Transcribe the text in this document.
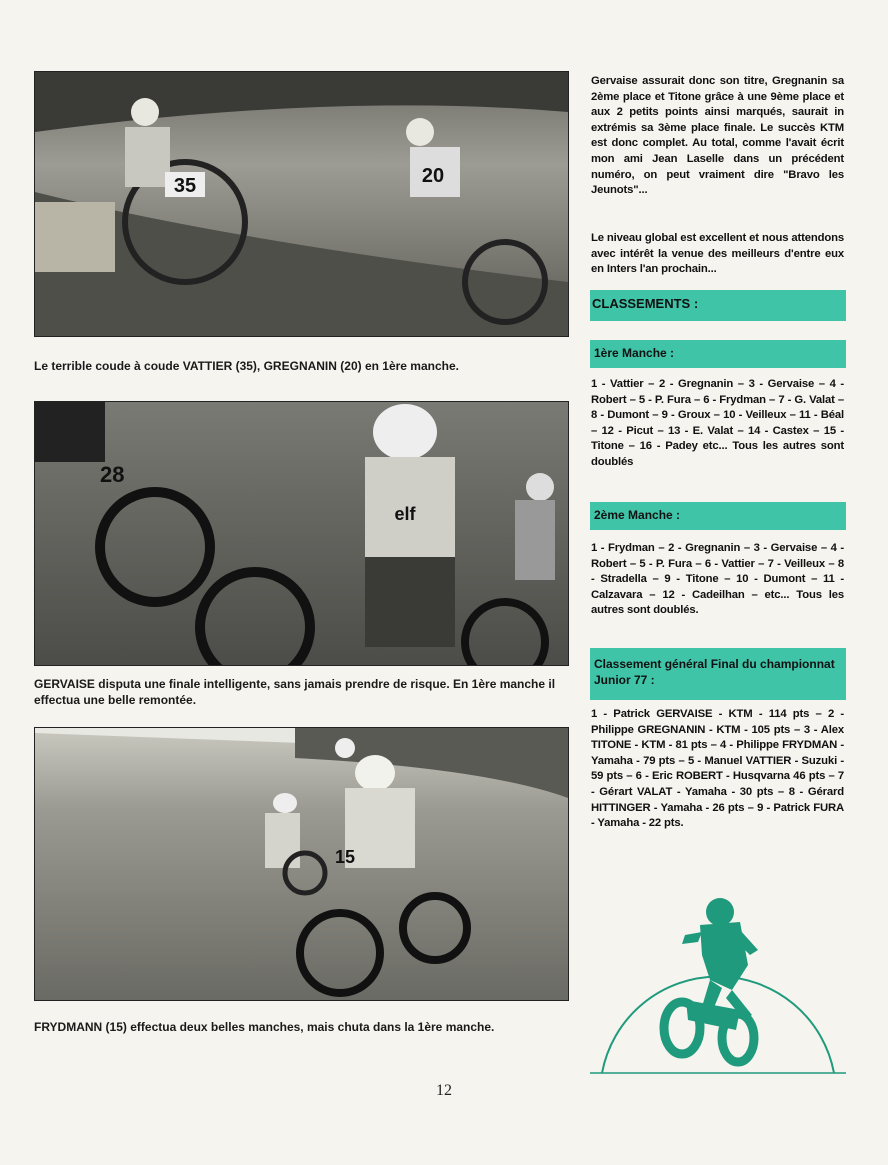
35	20
Le terrible coude à coude VATTIER (35), GREGNANIN (20) en 1ère manche.
28
elf
GERVAISE disputa une finale intelligente, sans jamais prendre de risque. En 1ère manche il effectua une belle remontée.
15
FRYDMANN (15) effectua deux belles manches, mais chuta dans la 1ère manche.
Gervaise assurait donc son titre, Gregnanin sa 2ème place et Titone grâce à une 9ème place et aux 2 petits points ainsi marqués, saurait in extrémis sa 3ème place finale. Le succès KTM est donc complet. Au total, comme l'avait écrit mon ami Jean Laselle dans un précédent numéro, on peut vraiment dire "Bravo les Jeunots"...
Le niveau global est excellent et nous attendons avec intérêt la venue des meilleurs d'entre eux en Inters l'an prochain...
CLASSEMENTS :
1ère Manche :
1 - Vattier – 2 - Gregnanin – 3 - Gervaise – 4 - Robert – 5 - P. Fura – 6 - Frydman – 7 - G. Valat – 8 - Dumont – 9 - Groux – 10 - Veilleux – 11 - Béal – 12 - Picut – 13 - E. Valat – 14 - Castex – 15 - Titone – 16 - Padey etc... Tous les autres sont doublés
2ème Manche :
1 - Frydman – 2 - Gregnanin – 3 - Gervaise – 4 - Robert – 5 - P. Fura – 6 - Vattier – 7 - Veilleux – 8 - Stradella – 9 - Titone – 10 - Dumont – 11 - Calzavara – 12 - Cadeilhan – etc... Tous les autres sont doublés.
Classement général Final du championnat Junior 77 :
1 - Patrick GERVAISE - KTM - 114 pts – 2 - Philippe GREGNANIN - KTM - 105 pts – 3 - Alex TITONE - KTM - 81 pts – 4 - Philippe FRYDMAN - Yamaha - 79 pts – 5 - Manuel VATTIER - Suzuki - 59 pts – 6 - Eric ROBERT - Husqvarna 46 pts – 7 - Gérart VALAT - Yamaha - 30 pts – 8 - Gérard HITTINGER - Yamaha - 26 pts – 9 - Patrick FURA - Yamaha - 22 pts.
12
